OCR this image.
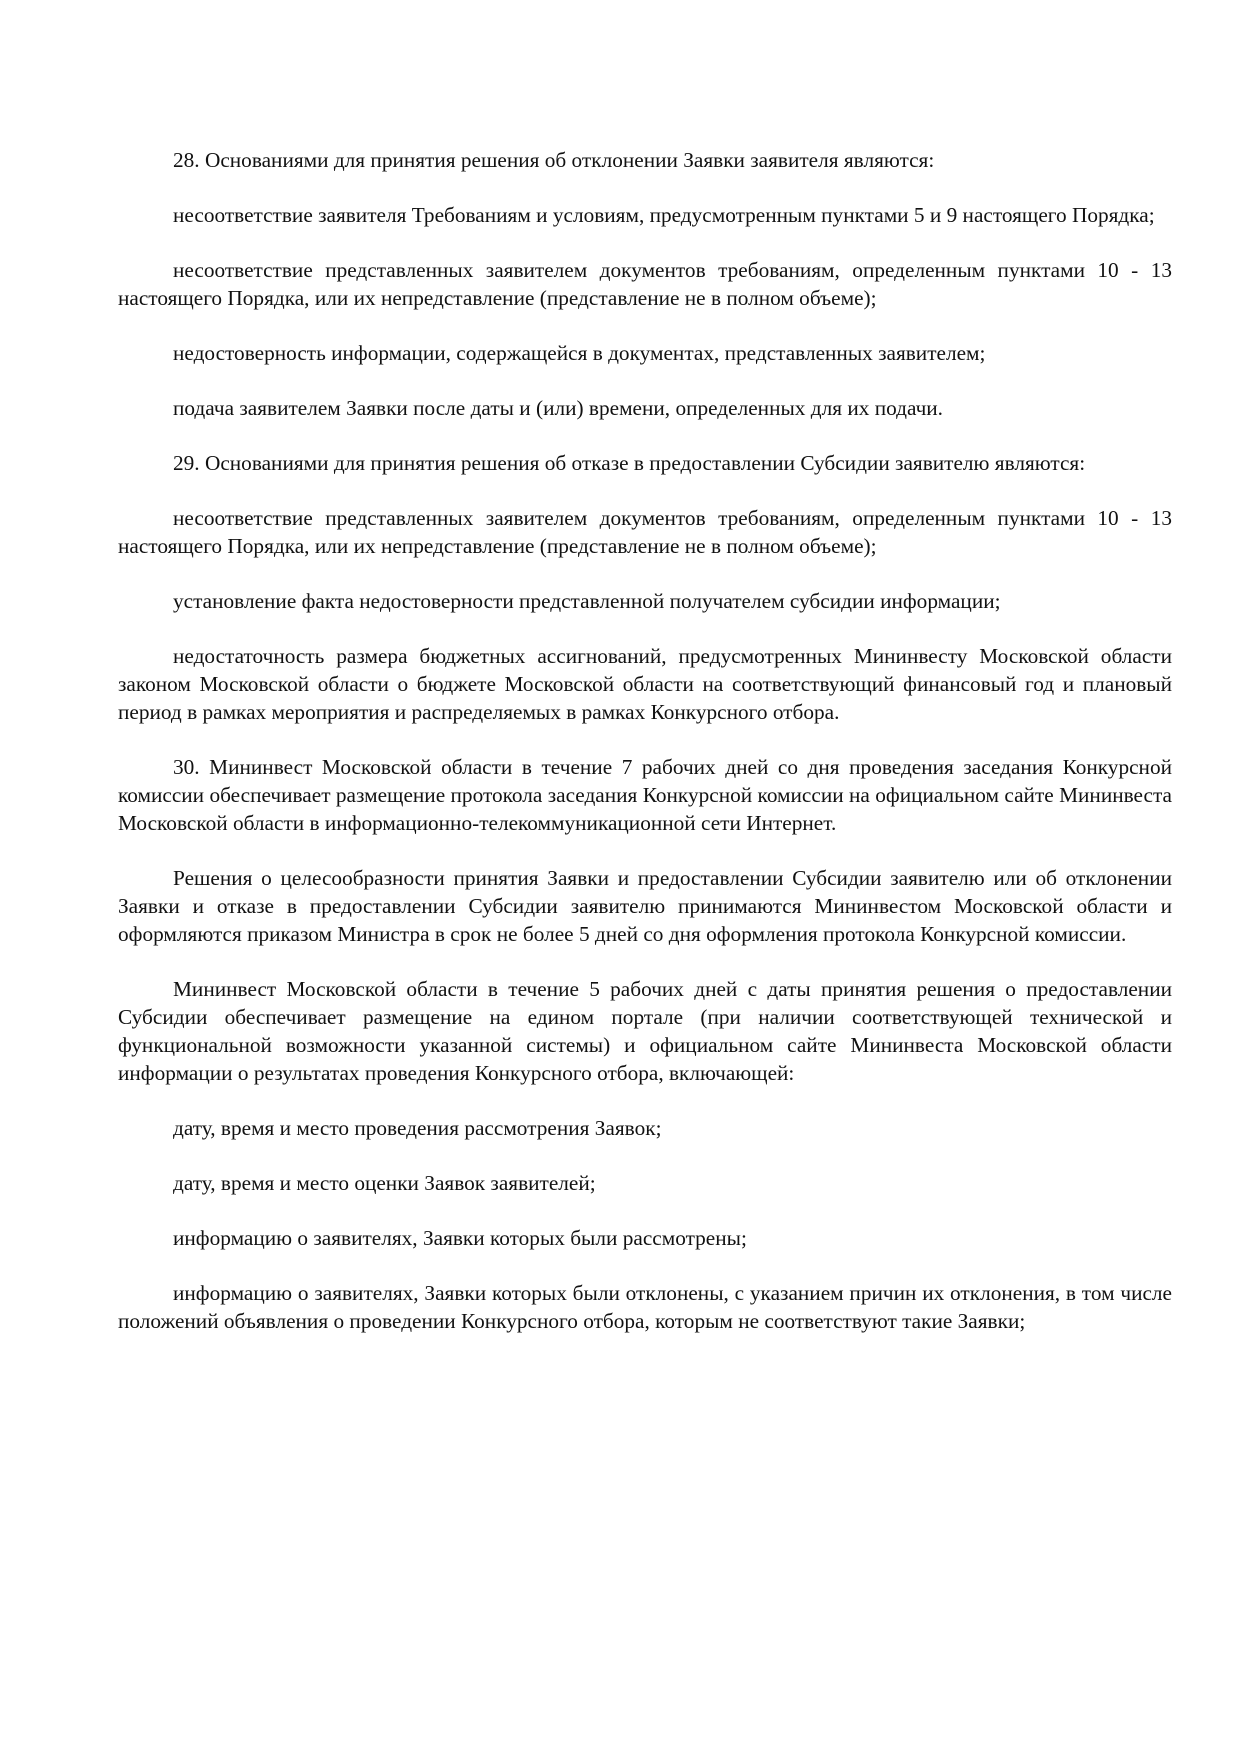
28. Основаниями для принятия решения об отклонении Заявки заявителя являются:

несоответствие заявителя Требованиям и условиям, предусмотренным пунктами 5 и 9 настоящего Порядка;

несоответствие представленных заявителем документов требованиям, определенным пунктами 10 - 13 настоящего Порядка, или их непредставление (представление не в полном объеме);

недостоверность информации, содержащейся в документах, представленных заявителем;

подача заявителем Заявки после даты и (или) времени, определенных для их подачи.

29. Основаниями для принятия решения об отказе в предоставлении Субсидии заявителю являются:

несоответствие представленных заявителем документов требованиям, определенным пунктами 10 - 13 настоящего Порядка, или их непредставление (представление не в полном объеме);

установление факта недостоверности представленной получателем субсидии информации;

недостаточность размера бюджетных ассигнований, предусмотренных Мининвесту Московской области законом Московской области о бюджете Московской области на соответствующий финансовый год и плановый период в рамках мероприятия и распределяемых в рамках Конкурсного отбора.

30. Мининвест Московской области в течение 7 рабочих дней со дня проведения заседания Конкурсной комиссии обеспечивает размещение протокола заседания Конкурсной комиссии на официальном сайте Мининвеста Московской области в информационно-телекоммуникационной сети Интернет.

Решения о целесообразности принятия Заявки и предоставлении Субсидии заявителю или об отклонении Заявки и отказе в предоставлении Субсидии заявителю принимаются Мининвестом Московской области и оформляются приказом Министра в срок не более 5 дней со дня оформления протокола Конкурсной комиссии.

Мининвест Московской области в течение 5 рабочих дней с даты принятия решения о предоставлении Субсидии обеспечивает размещение на едином портале (при наличии соответствующей технической и функциональной возможности указанной системы) и официальном сайте Мининвеста Московской области информации о результатах проведения Конкурсного отбора, включающей:

дату, время и место проведения рассмотрения Заявок;

дату, время и место оценки Заявок заявителей;

информацию о заявителях, Заявки которых были рассмотрены;

информацию о заявителях, Заявки которых были отклонены, с указанием причин их отклонения, в том числе положений объявления о проведении Конкурсного отбора, которым не соответствуют такие Заявки;
